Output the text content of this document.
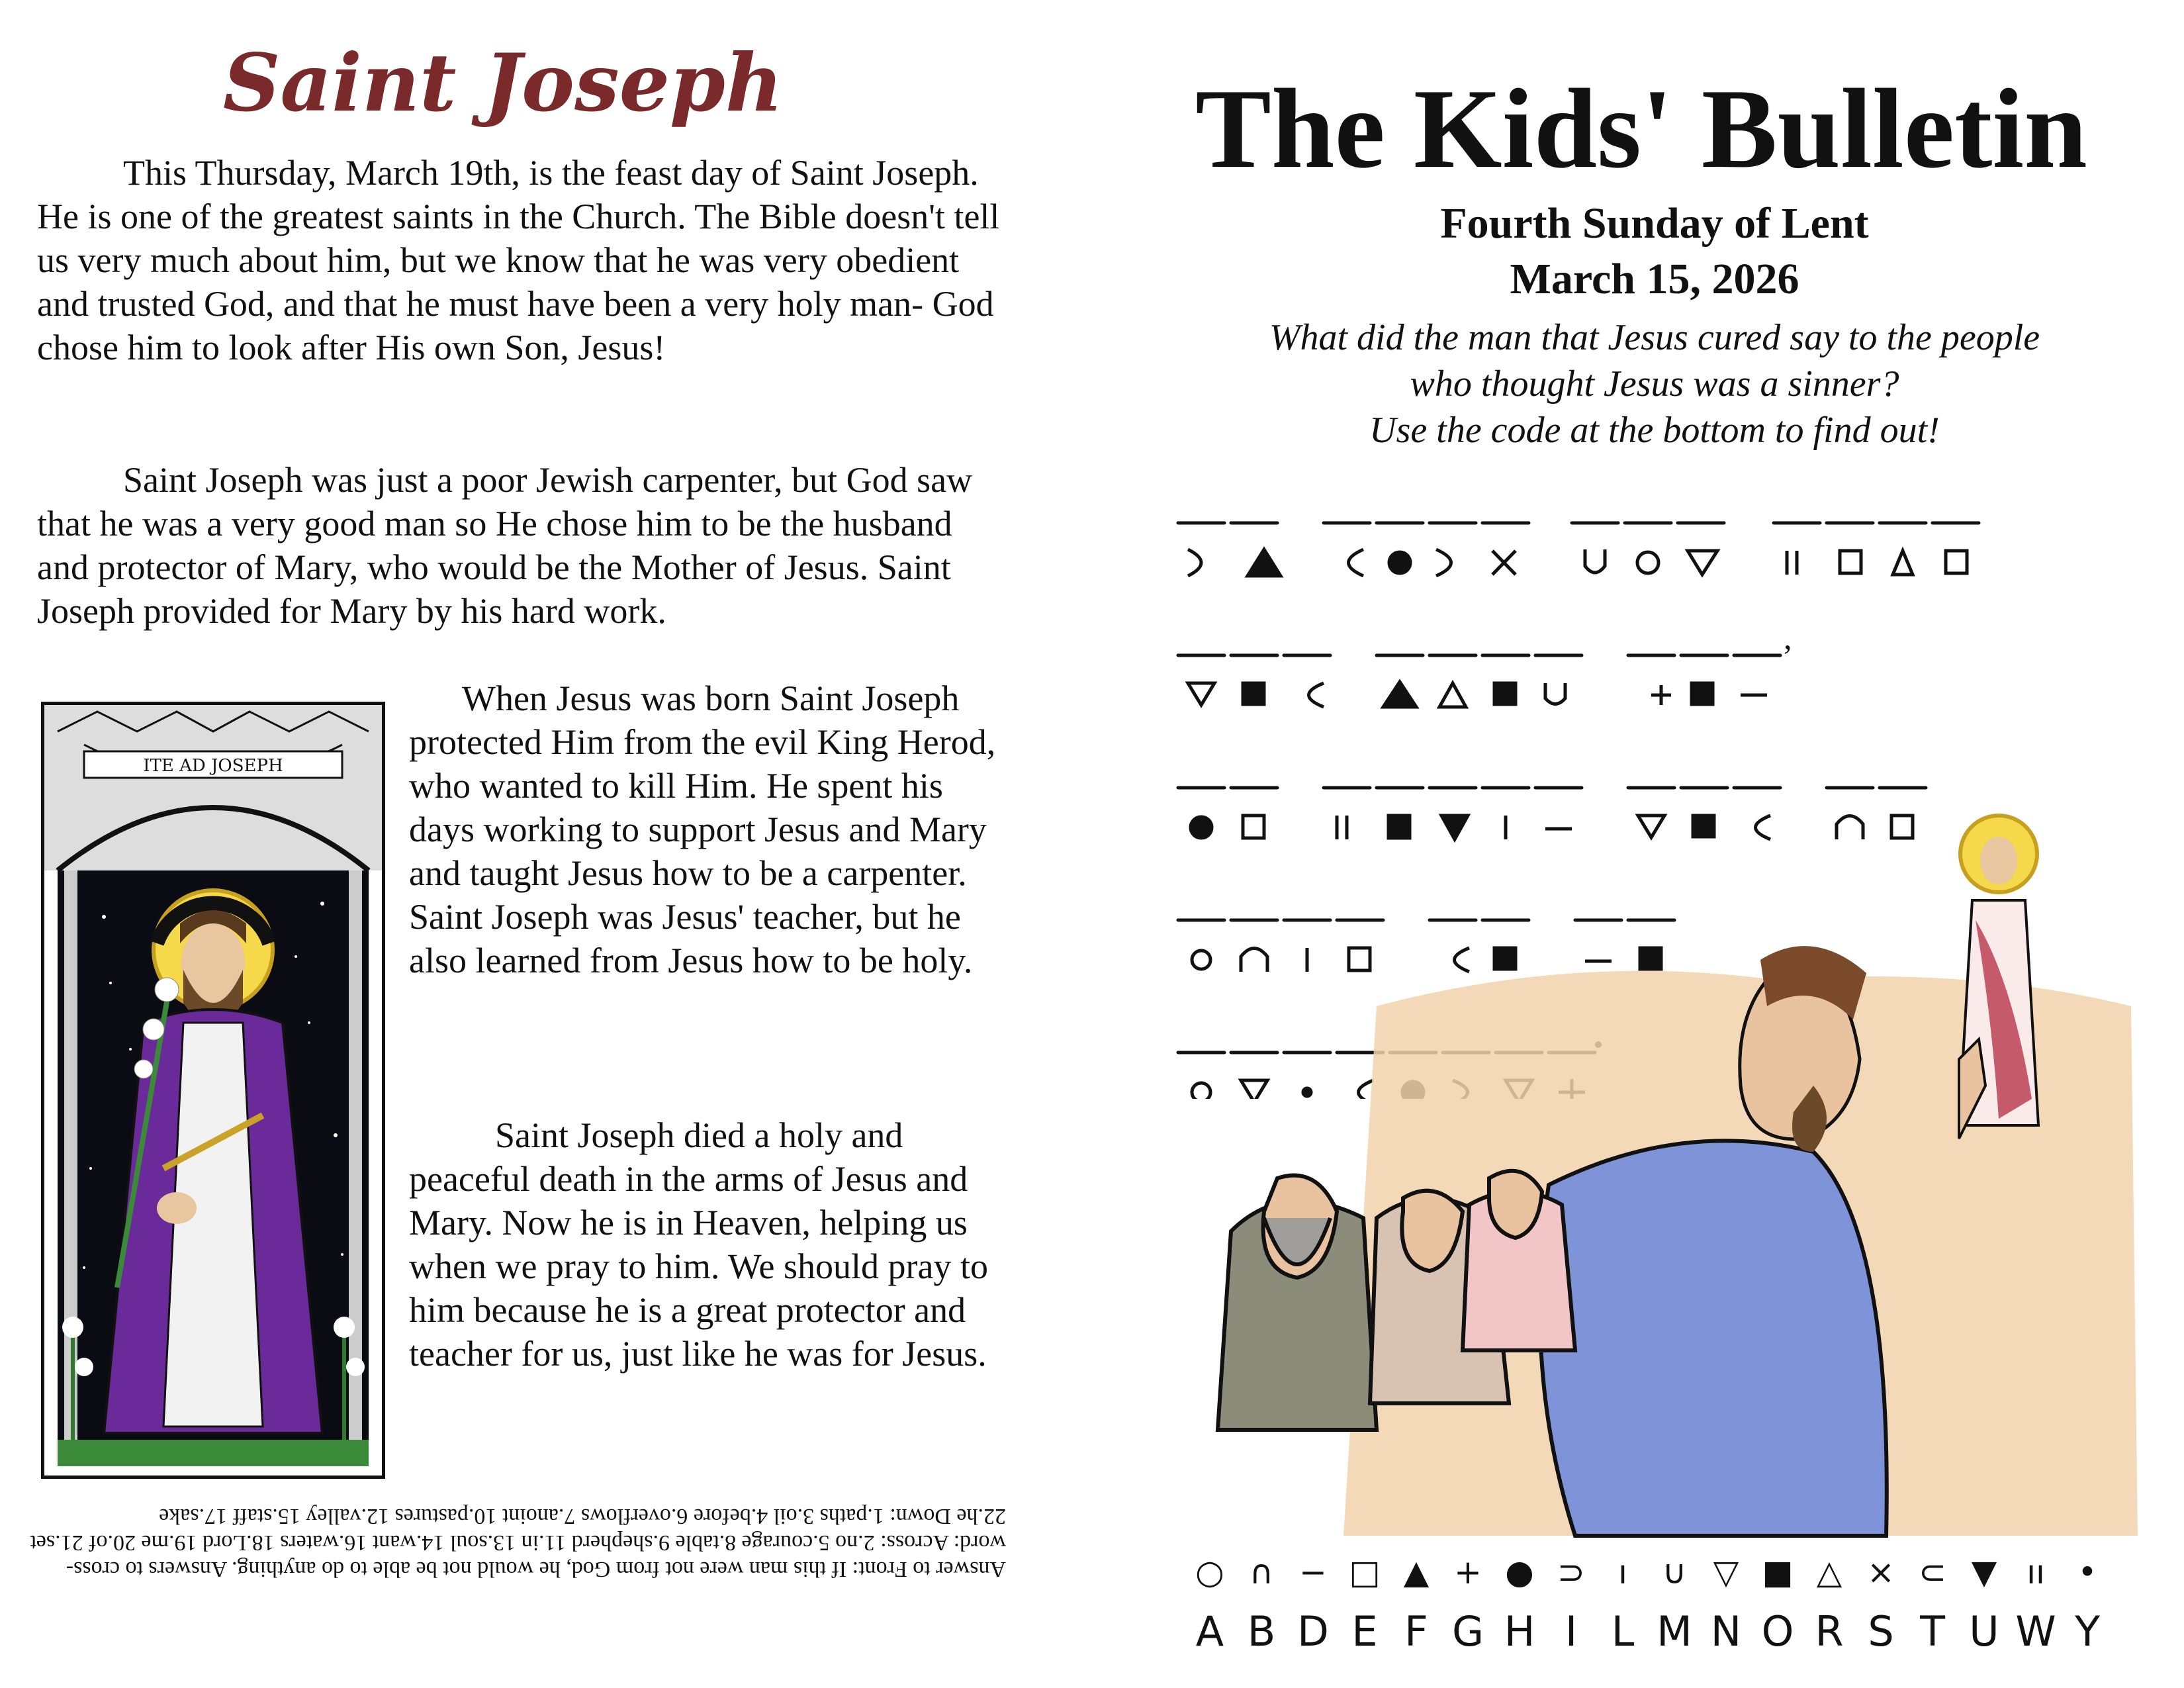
Saint Joseph
This Thursday, March 19th, is the feast day of Saint Joseph. He is one of the greatest saints in the Church. The Bible doesn't tell us very much about him, but we know that he was very obedient and trusted God, and that he must have been a very holy man- God chose him to look after His own Son, Jesus!
Saint Joseph was just a poor Jewish carpenter, but God saw that he was a very good man so He chose him to be the husband and protector of Mary, who would be the Mother of Jesus. Saint Joseph provided for Mary by his hard work.
ITE AD JOSEPH
When Jesus was born Saint Joseph protected Him from the evil King Herod, who wanted to kill Him. He spent his days working to support Jesus and Mary and taught Jesus how to be a carpenter. Saint Joseph was Jesus' teacher, but he also learned from Jesus how to be holy.
Saint Joseph died a holy and peaceful death in the arms of Jesus and Mary. Now he is in Heaven, helping us when we pray to him. We should pray to him because he is a great protector and teacher for us, just like he was for Jesus.
Answer to Front: If this man were not from God, he would not be able to do anything. Answers to cross-word: Across: 2.no 5.courage 8.table 9.shepherd 11.in 13.soul 14.want 16.waters 18.Lord 19.me 20.of 21.set 22.he Down: 1.paths 3.oil 4.before 6.overflows 7.anoint 10.pastures 12.valley 15.staff 17.sake
The Kids' Bulletin
Fourth Sunday of Lent
March 15, 2026
What did the man that Jesus cured say to the people
who thought Jesus was a sinner?
Use the code at the bottom to find out!
,
○
A
∩
B
−
D
□
E
▲
F
+
G
●
H
⊃
I
ı
L
∪
M
▽
N
■
O
△
R
×
S
⊂
T
▼
U
ıı
W
•
Y
